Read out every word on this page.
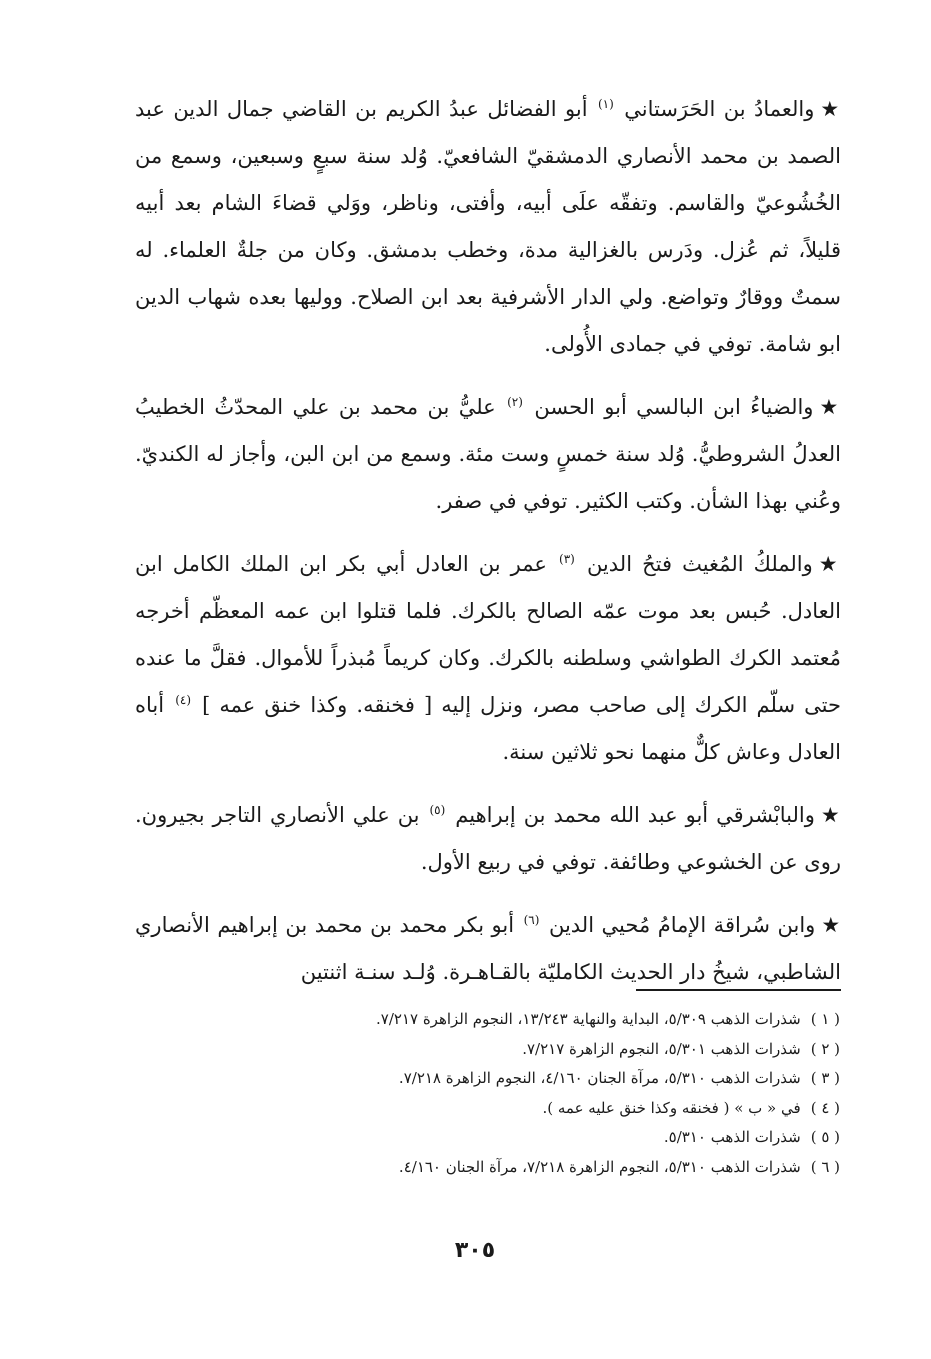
★والعمادُ بن الحَرَستاني $^{(١)}$ أبو الفضائل عبدُ الكريم بن القاضي جمال الدين عبد الصمد بن محمد الأنصاري الدمشقيّ الشافعيّ. وُلد سنة سبعٍ وسبعين، وسمع من الخُشُوعيّ والقاسم. وتفقّه علَى أبيه، وأفتى، وناظر، ووَلي قضاءَ الشام بعد أبيه قليلاً، ثم عُزل. ودَرس بالغزالية مدة، وخطب بدمشق. وكان من جلةٌ العلماء. له سمتٌ ووقارٌ وتواضع. ولي الدار الأشرفية بعد ابن الصلاح. ووليها بعده شهاب الدين ابو شامة. توفي في جمادى الأُولى.

★والضياءُ ابن البالسي أبو الحسن $^{(٢)}$ عليُّ بن محمد بن علي المحدّثُ الخطيبُ العدلُ الشروطيُّ. وُلد سنة خمسٍ وست مئة. وسمع من ابن البن، وأجاز له الكنديّ. وعُني بهذا الشأن. وكتب الكثير. توفي في صفر.

★والملكُ المُغيث فتحُ الدين $^{(٣)}$ عمر بن العادل أبي بكر ابن الملك الكامل ابن العادل. حُبس بعد موت عمّه الصالح بالكرك. فلما قتلوا ابن عمه المعظّم أخرجه مُعتمد الكرك الطواشي وسلطنه بالكرك. وكان كريماً مُبذراً للأموال. فقلَّ ما عنده حتى سلّم الكرك إلى صاحب مصر، ونزل إليه [ فخنقه. وكذا خنق عمه ] $^{(٤)}$ أباه العادل وعاش كلٌّ منهما نحو ثلاثين سنة.

★والبابْشرقي أبو عبد الله محمد بن إبراهيم $^{(٥)}$ بن علي الأنصاري التاجر بجيرون. روى عن الخشوعي وطائفة. توفي في ربيع الأول.

★وابن سُراقة الإمامُ مُحيي الدين $^{(٦)}$ أبو بكر محمد بن محمد بن إبراهيم الأنصاري الشاطبي، شيخُ دار الحديث الكامليّة بالقـاهـرة. وُلـد سنـة اثنتين

( ١ )شذرات الذهب ٥/٣٠٩، البداية والنهاية ١٣/٢٤٣، النجوم الزاهرة ٧/٢١٧.
( ٢ )شذرات الذهب ٥/٣٠١، النجوم الزاهرة ٧/٢١٧.
( ٣ )شذرات الذهب ٥/٣١٠، مرآة الجنان ٤/١٦٠، النجوم الزاهرة ٧/٢١٨.
( ٤ )في « ب » ( فخنقه وكذا خنق عليه عمه ).
( ٥ )شذرات الذهب ٥/٣١٠.
( ٦ )شذرات الذهب ٥/٣١٠، النجوم الزاهرة ٧/٢١٨، مرآة الجنان ٤/١٦٠.
٣٠٥
